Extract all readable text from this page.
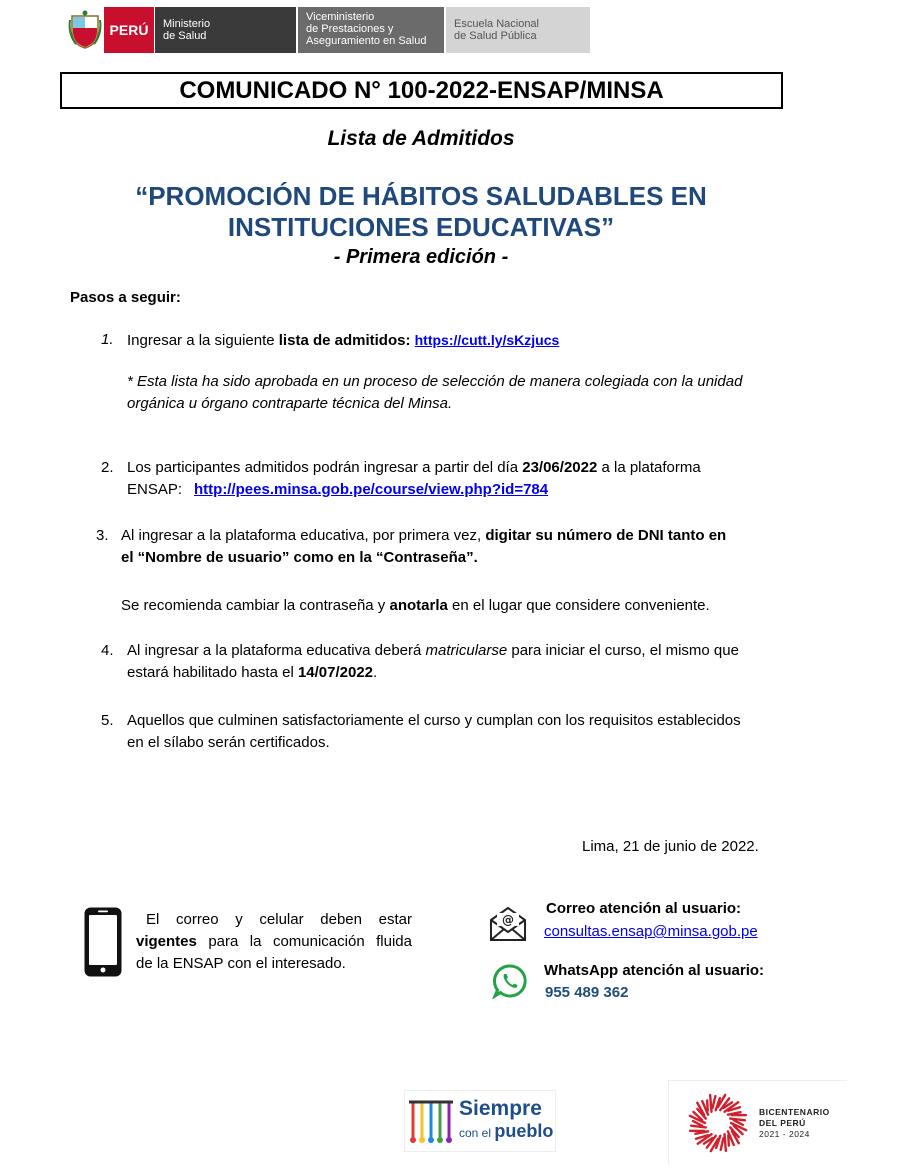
PERÚ	Ministerio
de Salud
Viceministerio
de Prestaciones y
Aseguramiento en Salud
Escuela Nacional
de Salud Pública
COMUNICADO N° 100-2022-ENSAP/MINSA
Lista de Admitidos
“PROMOCIÓN DE HÁBITOS SALUDABLES EN
INSTITUCIONES EDUCATIVAS”
- Primera edición -
Pasos a seguir:
1. Ingresar a la siguiente lista de admitidos: https://cutt.ly/sKzjucs
* Esta lista ha sido aprobada en un proceso de selección de manera colegiada con la unidad
orgánica u órgano contraparte técnica del Minsa.
2. Los participantes admitidos podrán ingresar a partir del día 23/06/2022 a la plataforma
ENSAP: http://pees.minsa.gob.pe/course/view.php?id=784
3. Al ingresar a la plataforma educativa, por primera vez, digitar su número de DNI tanto en
el “Nombre de usuario” como en la “Contraseña”.
Se recomienda cambiar la contraseña y anotarla en el lugar que considere conveniente.
4. Al ingresar a la plataforma educativa deberá matricularse para iniciar el curso, el mismo que
estará habilitado hasta el 14/07/2022.
5. Aquellos que culminen satisfactoriamente el curso y cumplan con los requisitos establecidos
en el sílabo serán certificados.
Lima, 21 de junio de 2022.
El correo y celular deben estar
vigentes para la comunicación fluida
de la ENSAP con el interesado.
@
Correo atención al usuario:
consultas.ensap@minsa.gob.pe
WhatsApp atención al usuario:
955 489 362
Siempre
con el pueblo
BICENTENARIO
DEL PERÚ
2021 - 2024
